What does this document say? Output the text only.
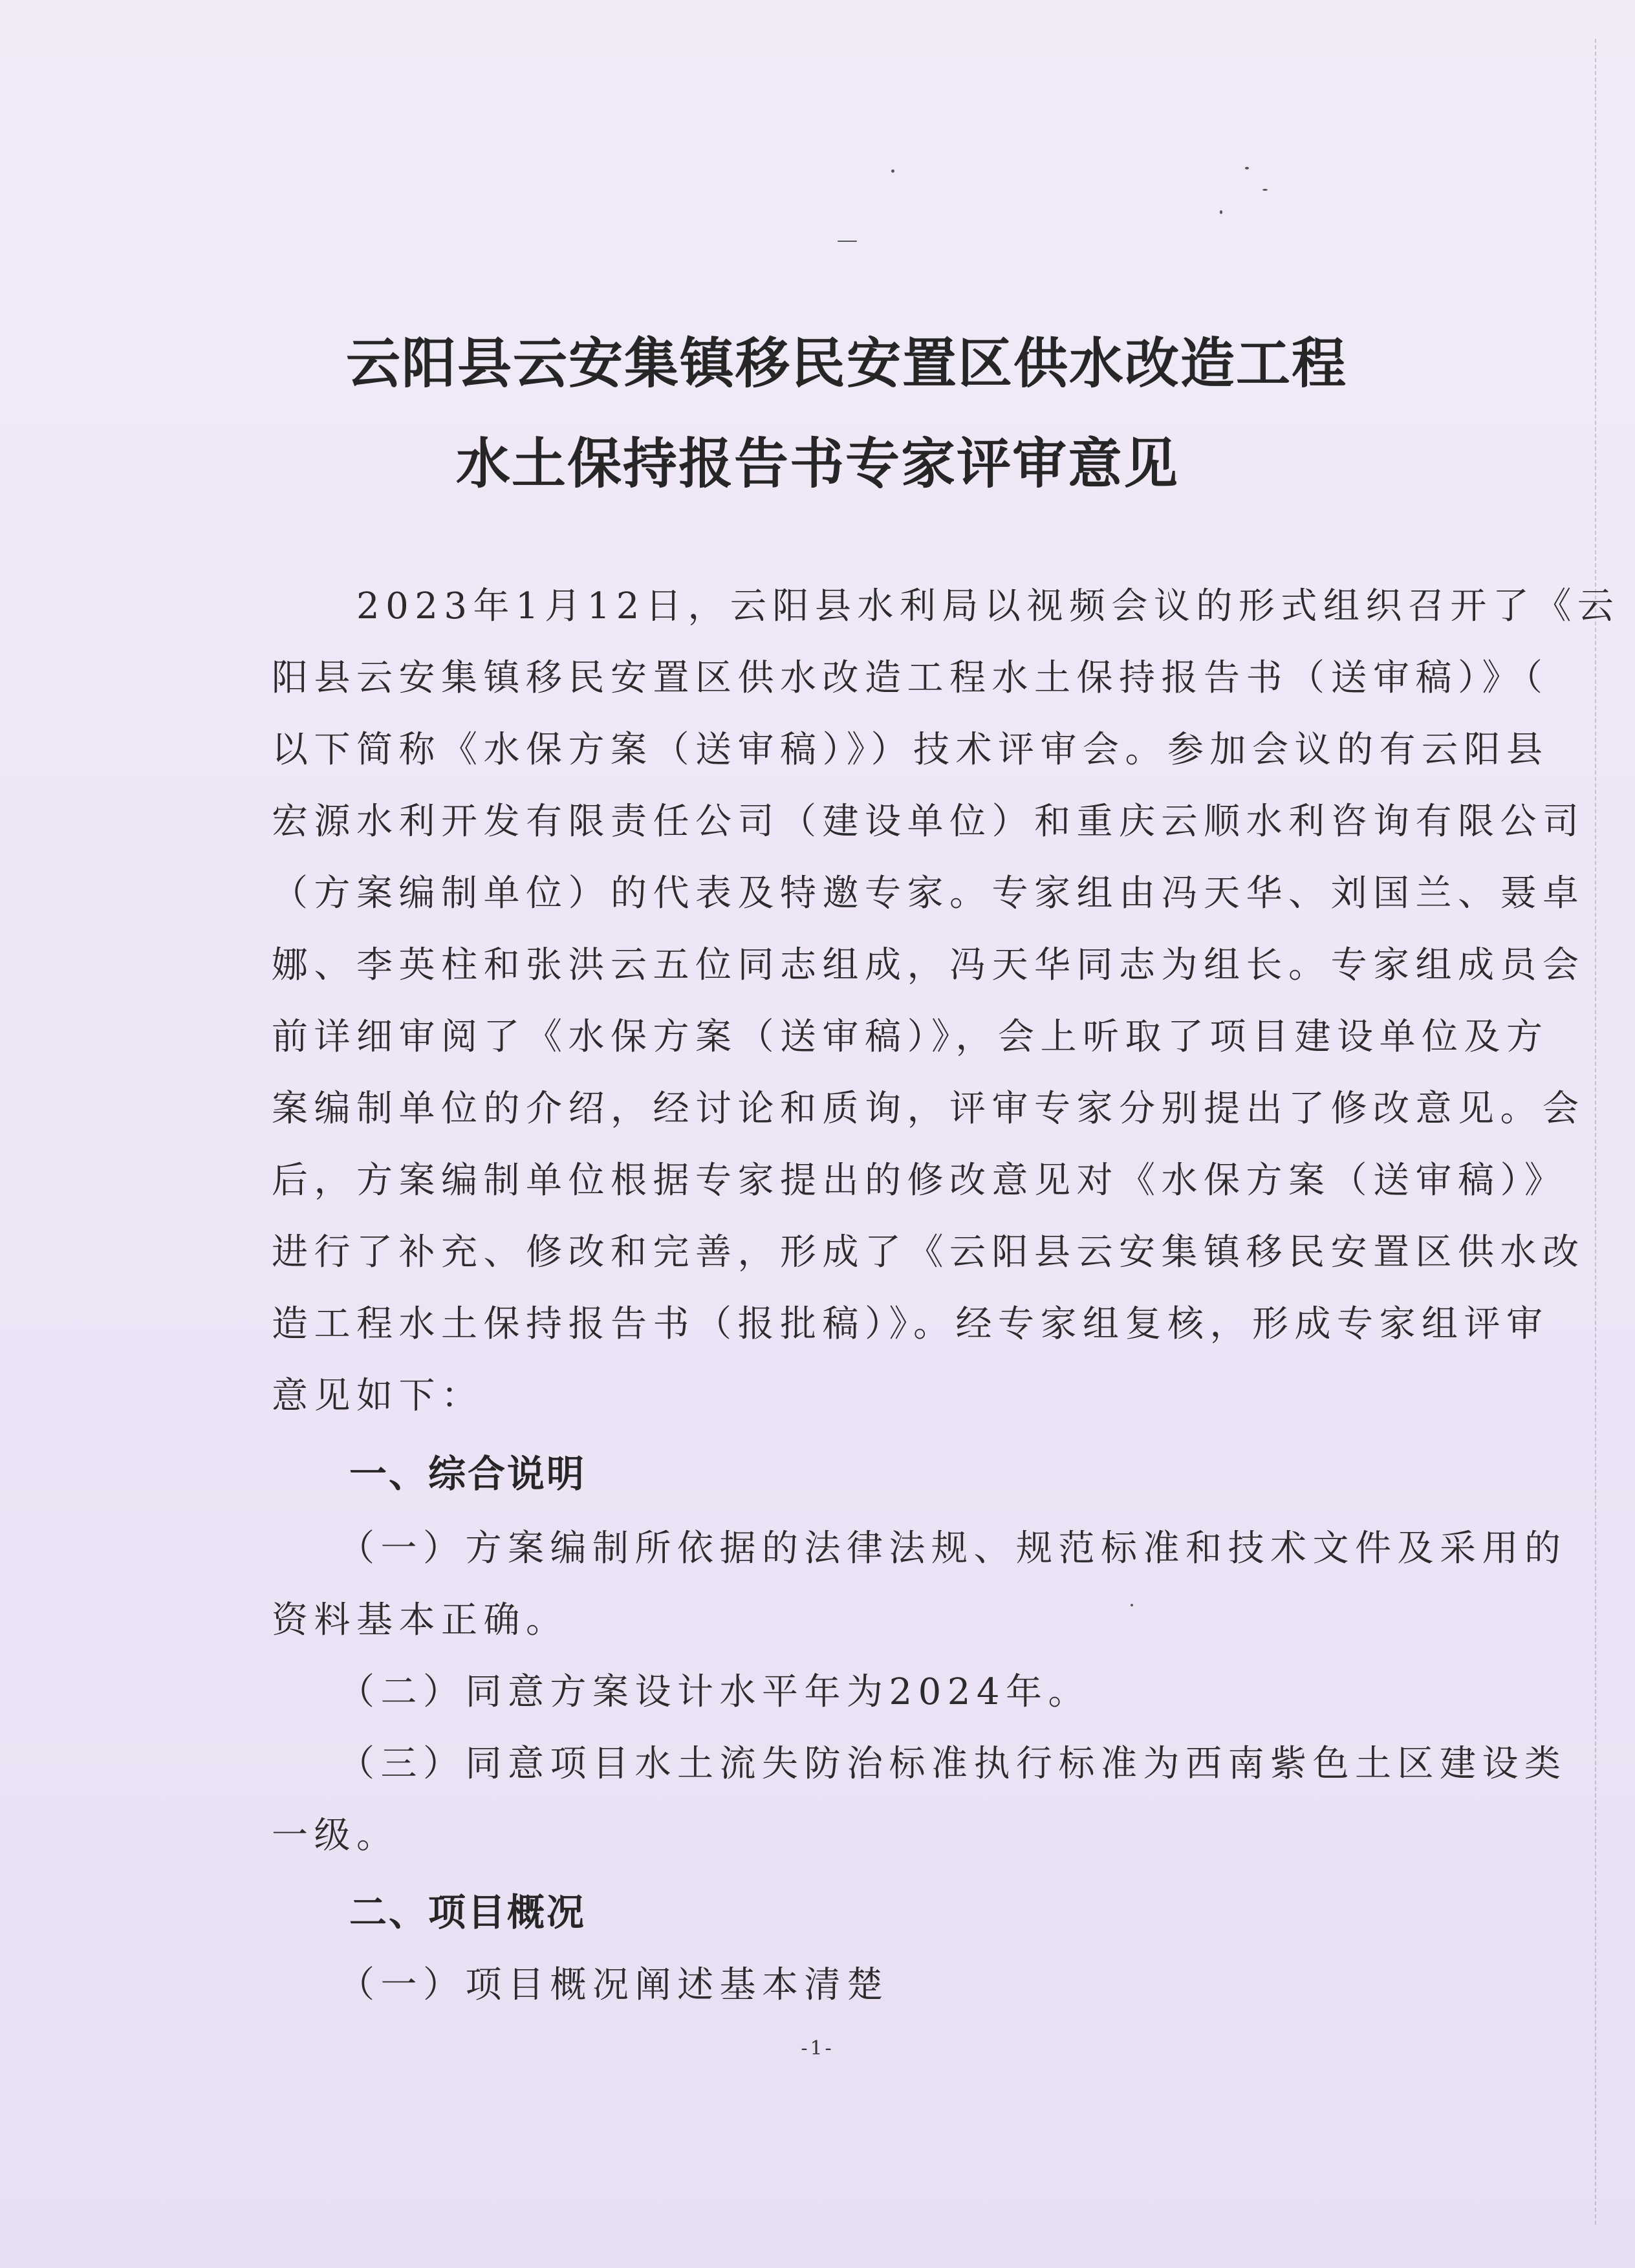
云阳县云安集镇移民安置区供水改造工程
水土保持报告书专家评审意见
　　2023年1月12日，云阳县水利局以视频会议的形式组织召开了《云
阳县云安集镇移民安置区供水改造工程水土保持报告书（送审稿）》（
以下简称《水保方案（送审稿）》）技术评审会。参加会议的有云阳县
宏源水利开发有限责任公司（建设单位）和重庆云顺水利咨询有限公司
（方案编制单位）的代表及特邀专家。专家组由冯天华、刘国兰、聂卓
娜、李英柱和张洪云五位同志组成，冯天华同志为组长。专家组成员会
前详细审阅了《水保方案（送审稿）》，会上听取了项目建设单位及方
案编制单位的介绍，经讨论和质询，评审专家分别提出了修改意见。会
后，方案编制单位根据专家提出的修改意见对《水保方案（送审稿）》
进行了补充、修改和完善，形成了《云阳县云安集镇移民安置区供水改
造工程水土保持报告书（报批稿）》。经专家组复核，形成专家组评审
意见如下：
一、综合说明
　　（一）方案编制所依据的法律法规、规范标准和技术文件及采用的
资料基本正确。
　　（二）同意方案设计水平年为2024年。
　　（三）同意项目水土流失防治标准执行标准为西南紫色土区建设类
一级。
二、项目概况
　　（一）项目概况阐述基本清楚
-1-
